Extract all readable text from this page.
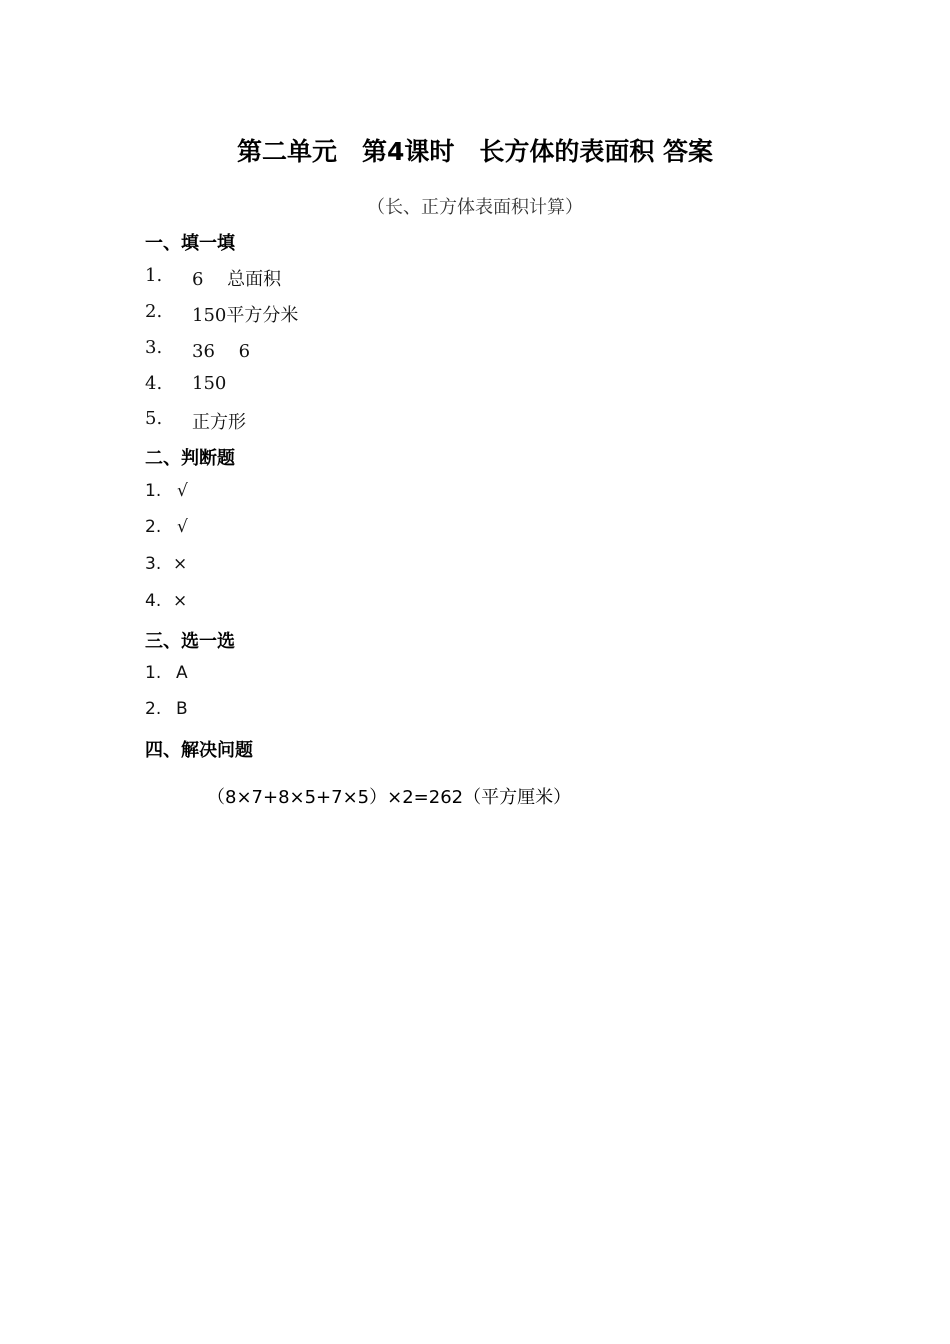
第二单元　第4课时　长方体的表面积 答案
（长、正方体表面积计算）
一、填一填
1. 6　 总面积
2. 150平方分米
3. 36　 6
4. 150
5. 正方形
二、判断题
1. √
2. √
3. ×
4. ×
三、选一选
1. A
2. B
四、解决问题
（8×7+8×5+7×5）×2=262（平方厘米）
